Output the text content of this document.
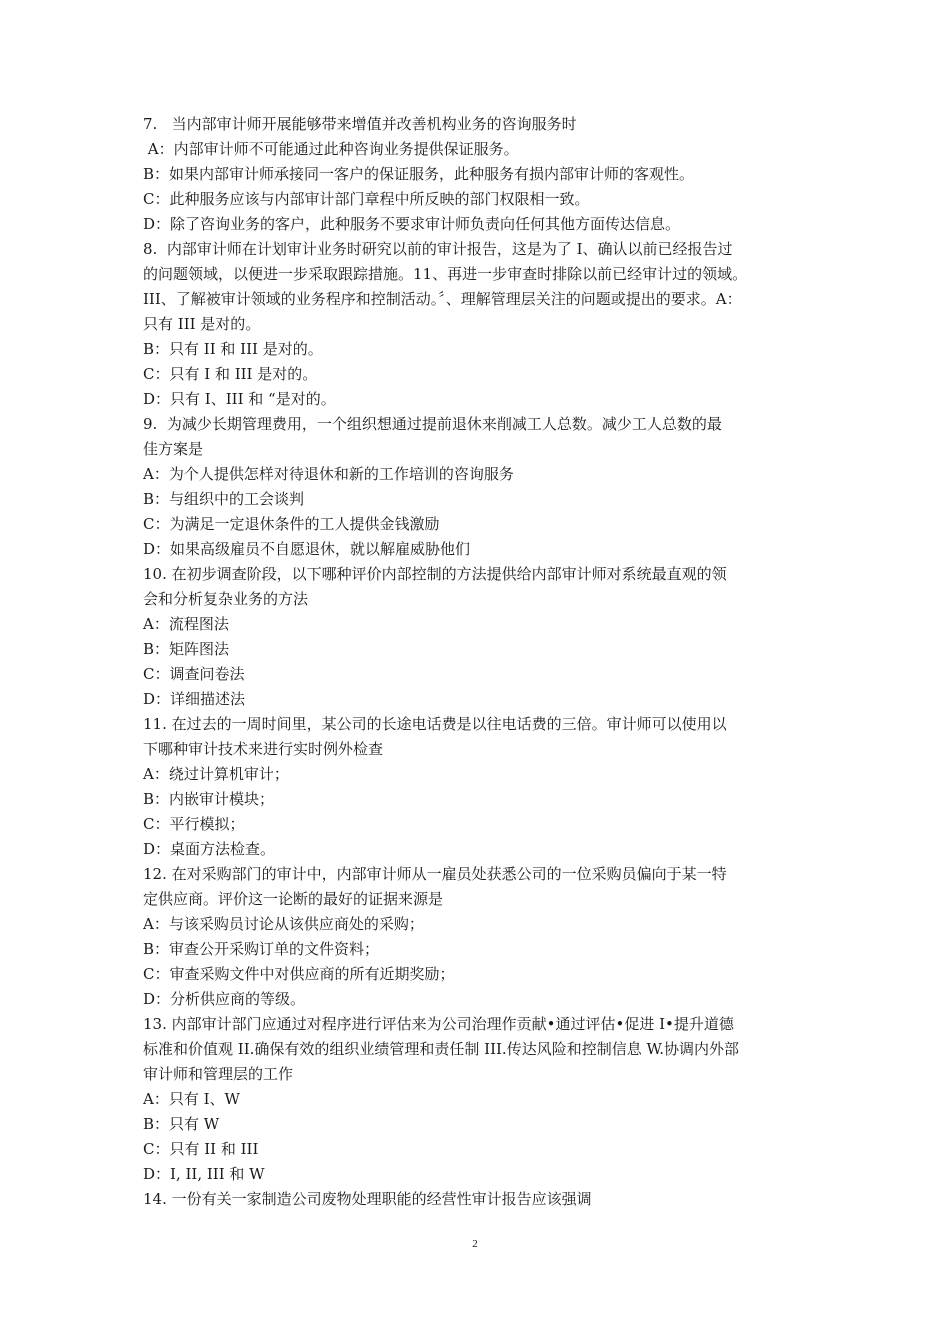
7.   当内部审计师开展能够带来增值并改善机构业务的咨询服务时
A：内部审计师不可能通过此种咨询业务提供保证服务。
B：如果内部审计师承接同一客户的保证服务，此种服务有损内部审计师的客观性。
C：此种服务应该与内部审计部门章程中所反映的部门权限相一致。
D：除了咨询业务的客户，此种服务不要求审计师负责向任何其他方面传达信息。
8.  内部审计师在计划审计业务时研究以前的审计报告，这是为了 I、确认以前已经报告过
的问题领域，以便进一步采取跟踪措施。11、再进一步审查时排除以前已经审计过的领域。
III、了解被审计领域的业务程序和控制活动。〞、理解管理层关注的问题或提出的要求。A：
只有 III 是对的。
B：只有 II 和 III 是对的。
C：只有 I 和 III 是对的。
D：只有 I、III 和 “是对的。
9.  为减少长期管理费用，一个组织想通过提前退休来削减工人总数。减少工人总数的最
佳方案是
A：为个人提供怎样对待退休和新的工作培训的咨询服务
B：与组织中的工会谈判
C：为满足一定退休条件的工人提供金钱激励
D：如果高级雇员不自愿退休，就以解雇威胁他们
10. 在初步调查阶段，以下哪种评价内部控制的方法提供给内部审计师对系统最直观的领
会和分析复杂业务的方法
A：流程图法
B：矩阵图法
C：调查问卷法
D：详细描述法
11. 在过去的一周时间里，某公司的长途电话费是以往电话费的三倍。审计师可以使用以
下哪种审计技术来进行实时例外检查
A：绕过计算机审计；
B：内嵌审计模块；
C：平行模拟；
D：桌面方法检查。
12. 在对采购部门的审计中，内部审计师从一雇员处获悉公司的一位采购员偏向于某一特
定供应商。评价这一论断的最好的证据来源是
A：与该采购员讨论从该供应商处的采购；
B：审查公开采购订单的文件资料；
C：审查采购文件中对供应商的所有近期奖励；
D：分析供应商的等级。
13. 内部审计部门应通过对程序进行评估来为公司治理作贡献•通过评估•促进 I•提升道德
标准和价值观 II.确保有效的组织业绩管理和责任制 III.传达风险和控制信息 W.协调内外部
审计师和管理层的工作
A：只有 I、W
B：只有 W
C：只有 II 和 III
D：I, II, III 和 W
14. 一份有关一家制造公司废物处理职能的经营性审计报告应该强调
2
